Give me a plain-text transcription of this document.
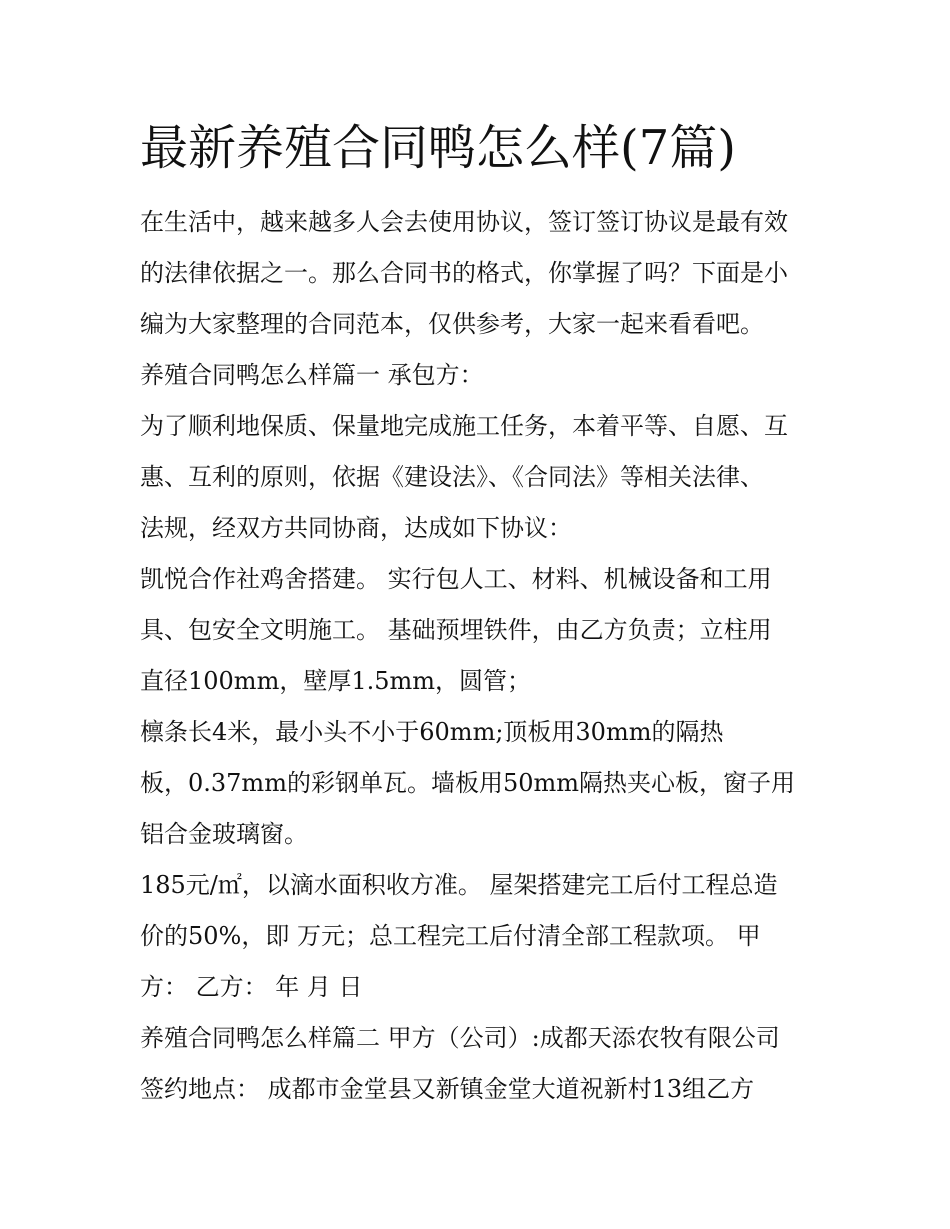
最新养殖合同鸭怎么样(7篇)
在生活中，越来越多人会去使用协议，签订签订协议是最有效
的法律依据之一。那么合同书的格式，你掌握了吗？下面是小
编为大家整理的合同范本，仅供参考，大家一起来看看吧。
养殖合同鸭怎么样篇一 承包方：
为了顺利地保质、保量地完成施工任务，本着平等、自愿、互
惠、互利的原则，依据《建设法》、《合同法》等相关法律、
法规，经双方共同协商，达成如下协议：
凯悦合作社鸡舍搭建。 实行包人工、材料、机械设备和工用
具、包安全文明施工。 基础预埋铁件，由乙方负责；立柱用
直径100mm，壁厚1.5mm，圆管；
檩条长4米，最小头不小于60mm;顶板用30mm的隔热
板，0.37mm的彩钢单瓦。墙板用50mm隔热夹心板，窗子用
铝合金玻璃窗。
185元/㎡，以滴水面积收方准。 屋架搭建完工后付工程总造
价的50%，即 万元；总工程完工后付清全部工程款项。 甲
方： 乙方： 年 月 日
养殖合同鸭怎么样篇二 甲方（公司）:成都天添农牧有限公司
签约地点： 成都市金堂县又新镇金堂大道祝新村13组乙方
